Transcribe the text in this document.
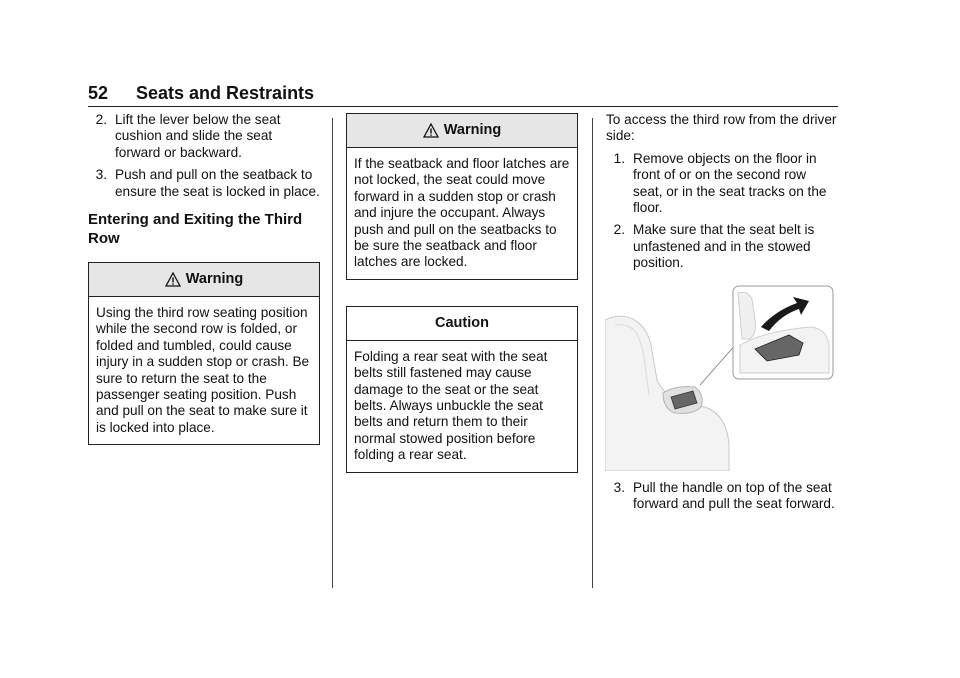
52 Seats and Restraints
2. Lift the lever below the seat cushion and slide the seat forward or backward.
3. Push and pull on the seatback to ensure the seat is locked in place.
Entering and Exiting the Third Row
Warning
Using the third row seating position while the second row is folded, or folded and tumbled, could cause injury in a sudden stop or crash. Be sure to return the seat to the passenger seating position. Push and pull on the seat to make sure it is locked into place.
Warning
If the seatback and floor latches are not locked, the seat could move forward in a sudden stop or crash and injure the occupant. Always push and pull on the seatbacks to be sure the seatback and floor latches are locked.
Caution
Folding a rear seat with the seat belts still fastened may cause damage to the seat or the seat belts. Always unbuckle the seat belts and return them to their normal stowed position before folding a rear seat.

To access the third row from the driver side:

1. Remove objects on the floor in front of or on the second row seat, or in the seat tracks on the floor.
2. Make sure that the seat belt is unfastened and in the stowed position.
3. Pull the handle on top of the seat forward and pull the seat forward.
